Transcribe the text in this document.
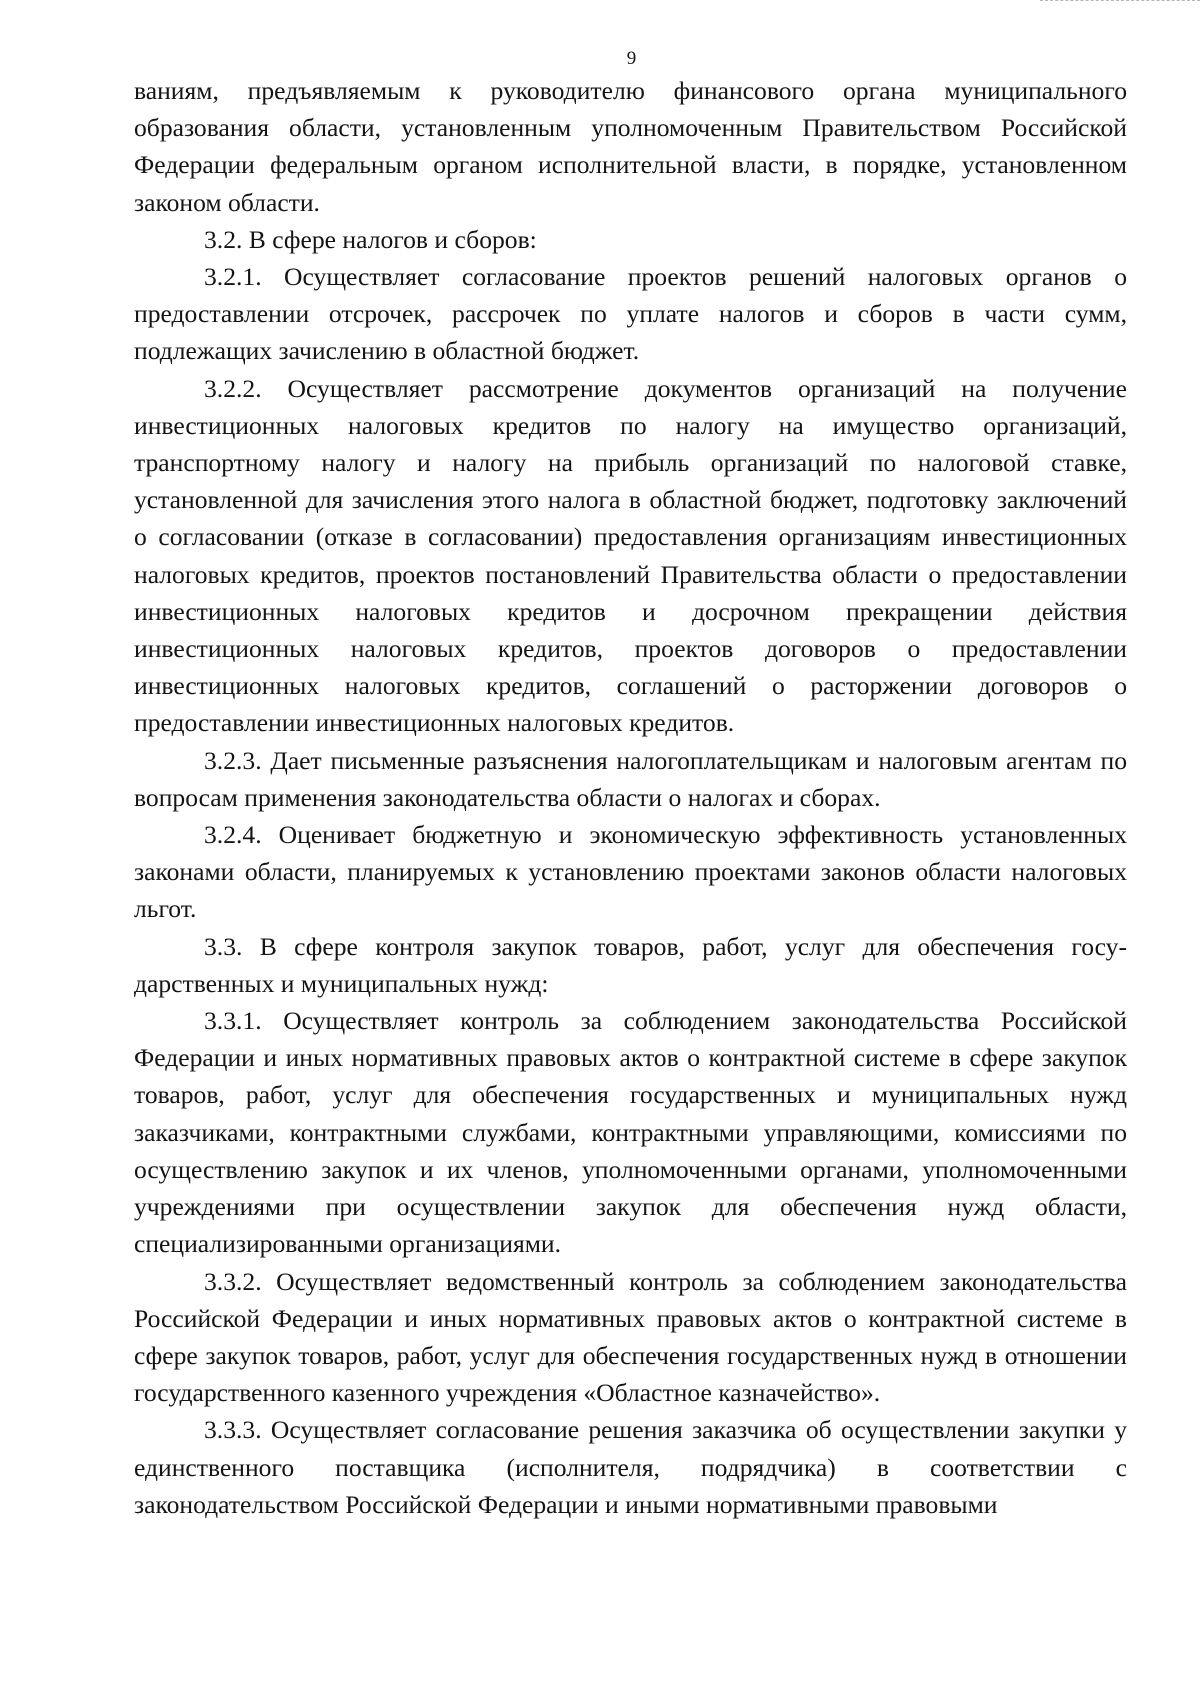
9

ваниям, предъявляемым к руководителю финансового органа муниципального образования области, установленным уполномоченным Правительством Российской Федерации федеральным органом исполнительной власти, в порядке, установленном законом области.

3.2. В сфере налогов и сборов:

3.2.1. Осуществляет согласование проектов решений налоговых органов о предоставлении отсрочек, рассрочек по уплате налогов и сборов в части сумм, подлежащих зачислению в областной бюджет.

3.2.2. Осуществляет рассмотрение документов организаций на получение инвестиционных налоговых кредитов по налогу на имущество организаций, транспортному налогу и налогу на прибыль организаций по налоговой ставке, установленной для зачисления этого налога в областной бюджет, подготовку заключений о согласовании (отказе в согласовании) предоставления организациям инвестиционных налоговых кредитов, проектов постановлений Правительства области о предоставлении инвестиционных налоговых кредитов и досрочном прекращении действия инвестиционных налоговых кредитов, проектов договоров о предоставлении инвестиционных налоговых кредитов, соглашений о расторжении договоров о предоставлении инвестиционных налоговых кредитов.

3.2.3. Дает письменные разъяснения налогоплательщикам и налоговым агентам по вопросам применения законодательства области о налогах и сборах.

3.2.4. Оценивает бюджетную и экономическую эффективность установленных законами области, планируемых к установлению проектами законов области налоговых льгот.

3.3. В сфере контроля закупок товаров, работ, услуг для обеспечения государственных и муниципальных нужд:

3.3.1. Осуществляет контроль за соблюдением законодательства Российской Федерации и иных нормативных правовых актов о контрактной системе в сфере закупок товаров, работ, услуг для обеспечения государственных и муниципальных нужд заказчиками, контрактными службами, контрактными управляющими, комиссиями по осуществлению закупок и их членов, уполномоченными органами, уполномоченными учреждениями при осуществлении закупок для обеспечения нужд области, специализированными организациями.

3.3.2. Осуществляет ведомственный контроль за соблюдением законодательства Российской Федерации и иных нормативных правовых актов о контрактной системе в сфере закупок товаров, работ, услуг для обеспечения государственных нужд в отношении государственного казенного учреждения «Областное казначейство».

3.3.3. Осуществляет согласование решения заказчика об осуществлении закупки у единственного поставщика (исполнителя, подрядчика) в соответствии с законодательством Российской Федерации и иными нормативными правовыми
